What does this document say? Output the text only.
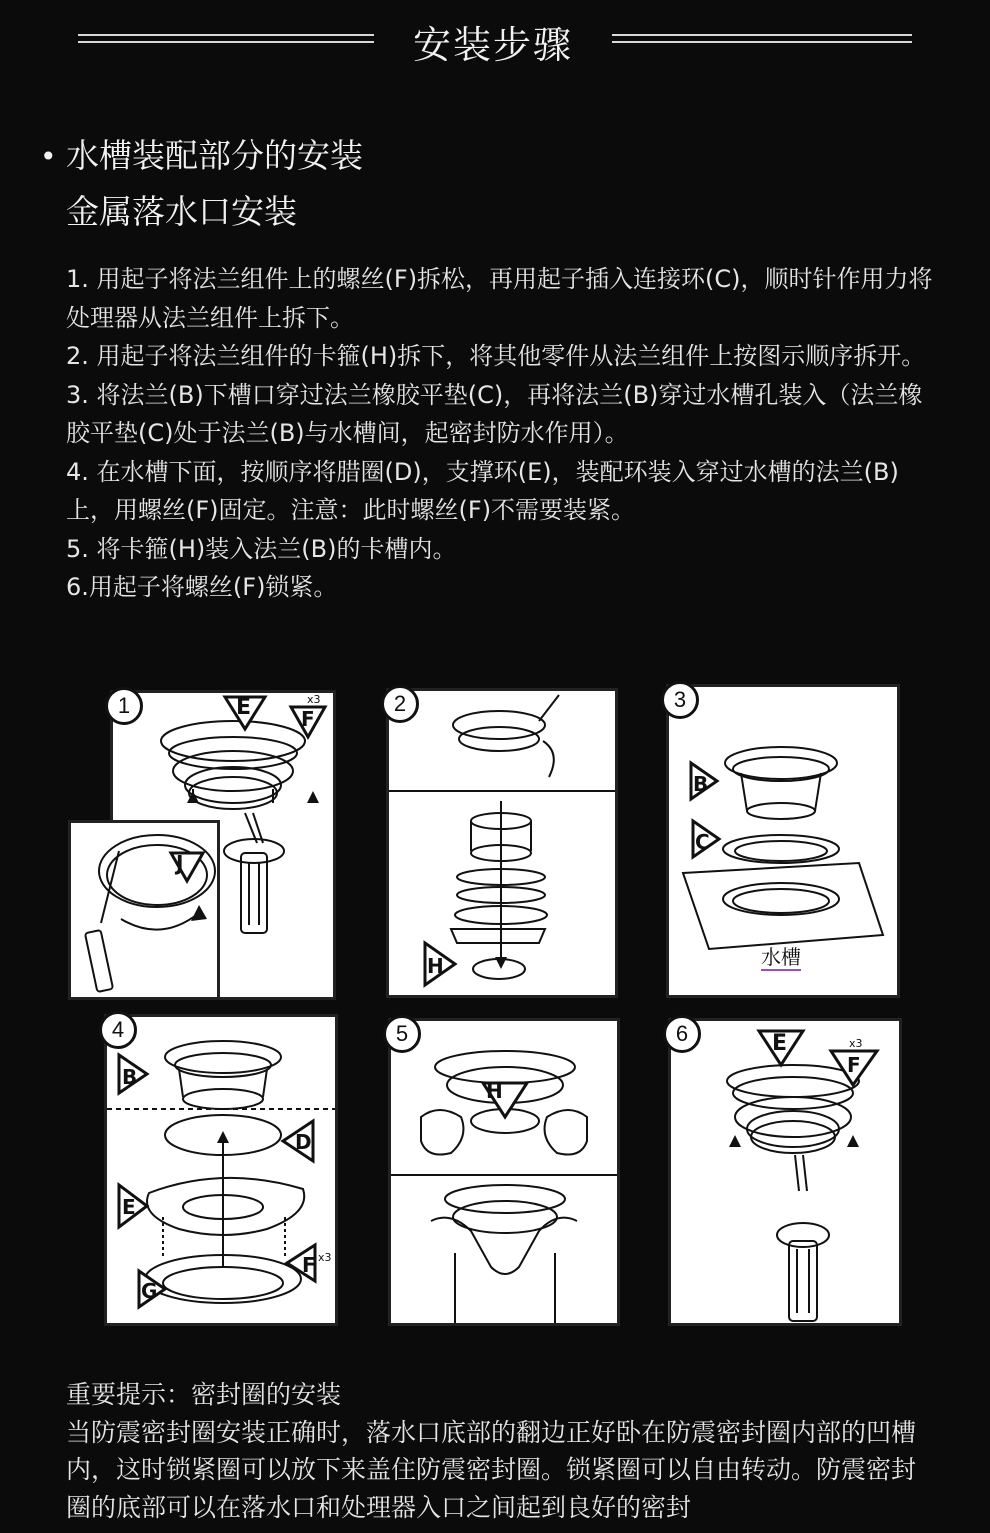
安装步骤
• 水槽装配部分的安装
金属落水口安装

1. 用起子将法兰组件上的螺丝(F)拆松，再用起子插入连接环(C)，顺时针作用力将处理器从法兰组件上拆下。

2. 用起子将法兰组件的卡箍(H)拆下，将其他零件从法兰组件上按图示顺序拆开。

3. 将法兰(B)下槽口穿过法兰橡胶平垫(C)，再将法兰(B)穿过水槽孔装入（法兰橡胶平垫(C)处于法兰(B)与水槽间，起密封防水作用）。

4. 在水槽下面，按顺序将腊圈(D)，支撑环(E)，装配环装入穿过水槽的法兰(B)上，用螺丝(F)固定。注意：此时螺丝(F)不需要装紧。

5. 将卡箍(H)装入法兰(B)的卡槽内。

6.用起子将螺丝(F)锁紧。

1	E F
x3
J
2
H
3
B
C
水槽
4
B
D
E
F x3
G
5
H
6	E
F
x3

重要提示：密封圈的安装

当防震密封圈安装正确时，落水口底部的翻边正好卧在防震密封圈内部的凹槽内，这时锁紧圈可以放下来盖住防震密封圈。锁紧圈可以自由转动。防震密封圈的底部可以在落水口和处理器入口之间起到良好的密封
